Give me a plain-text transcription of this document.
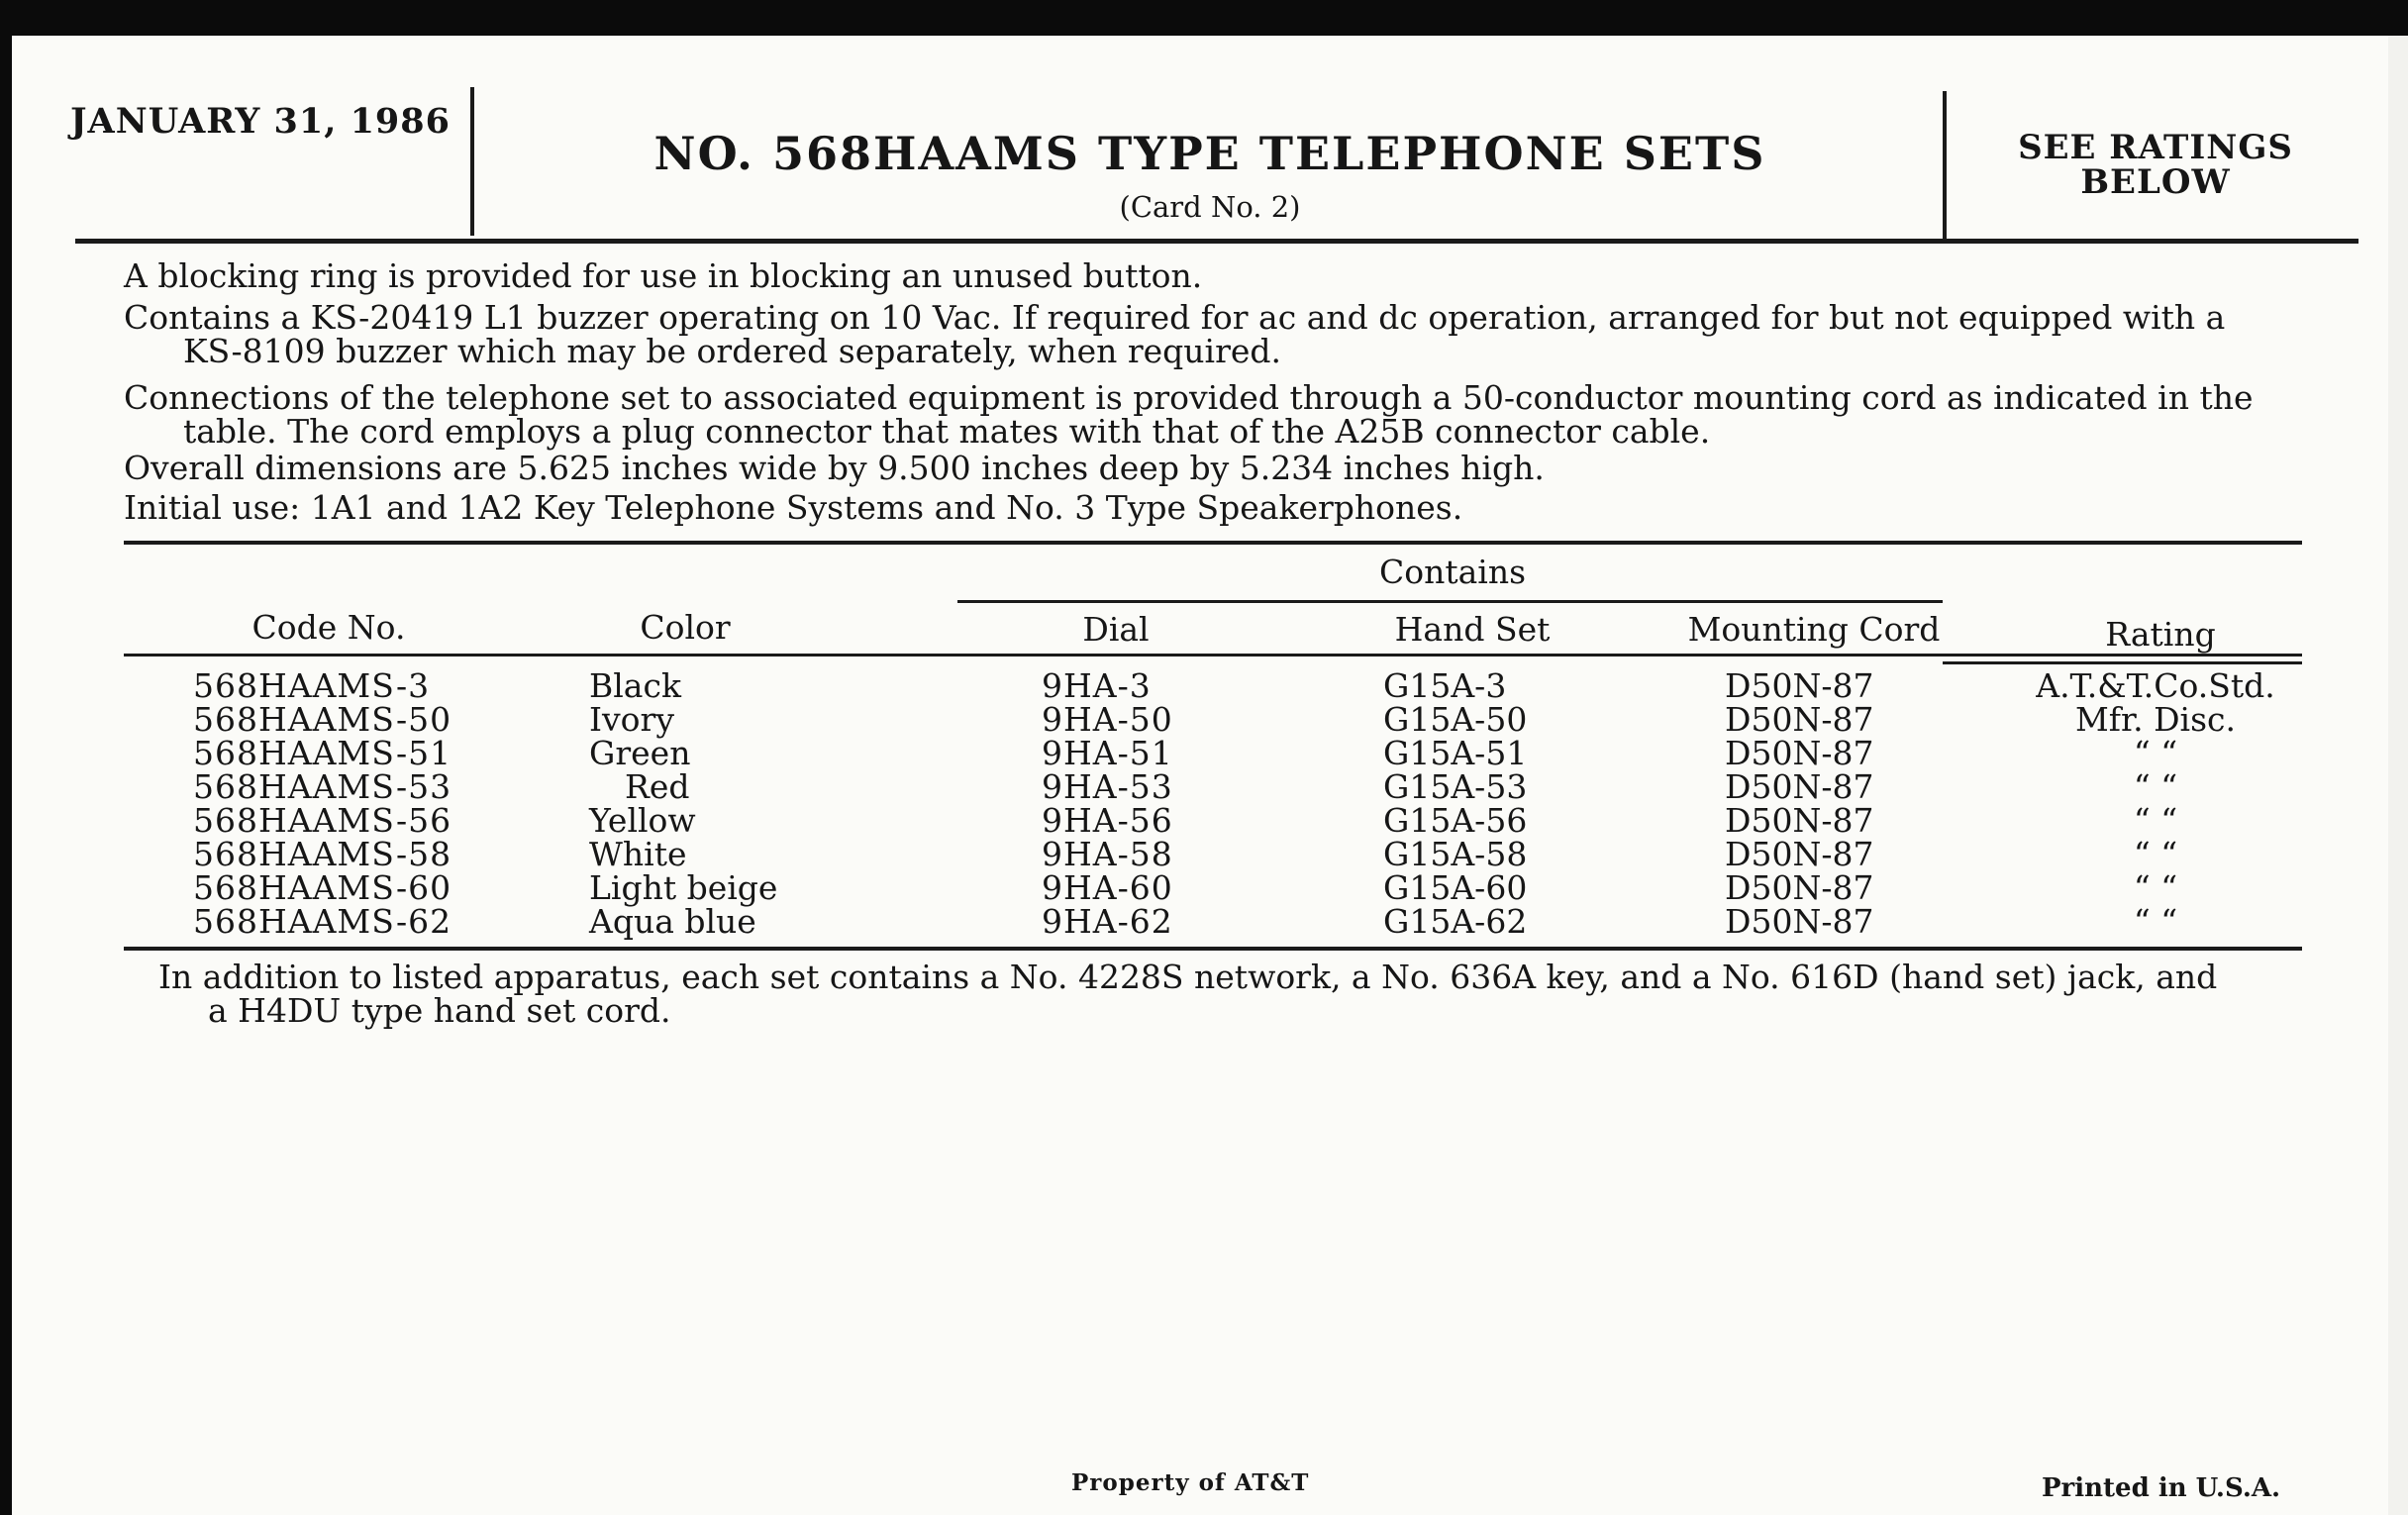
JANUARY 31, 1986
NO. 568HAAMS TYPE TELEPHONE SETS
(Card No. 2)
SEE RATINGS
BELOW
A blocking ring is provided for use in blocking an unused button.
Contains a KS-20419 L1 buzzer operating on 10 Vac. If required for ac and dc operation, arranged for but not equipped with a
KS-8109 buzzer which may be ordered separately, when required.
Connections of the telephone set to associated equipment is provided through a 50-conductor mounting cord as indicated in the
table. The cord employs a plug connector that mates with that of the A25B connector cable.
Overall dimensions are 5.625 inches wide by 9.500 inches deep by 5.234 inches high.
Initial use: 1A1 and 1A2 Key Telephone Systems and No. 3 Type Speakerphones.
Contains
Code No.	Color	Dial	Hand Set	Mounting Cord	Rating
568HAAMS-3	Black	9HA-3	G15A-3	D50N-87	A.T.&T.Co.Std.
568HAAMS-50	Ivory	9HA-50	G15A-50	D50N-87	Mfr. Disc.
568HAAMS-51	Green	9HA-51	G15A-51	D50N-87	“ “
568HAAMS-53	Red	9HA-53	G15A-53	D50N-87	“ “
568HAAMS-56	Yellow	9HA-56	G15A-56	D50N-87	“ “
568HAAMS-58	White	9HA-58	G15A-58	D50N-87	“ “
568HAAMS-60	Light beige	9HA-60	G15A-60	D50N-87	“ “
568HAAMS-62	Aqua blue	9HA-62	G15A-62	D50N-87	“ “
In addition to listed apparatus, each set contains a No. 4228S network, a No. 636A key, and a No. 616D (hand set) jack, and
a H4DU type hand set cord.
Property of AT&T	Printed in U.S.A.
